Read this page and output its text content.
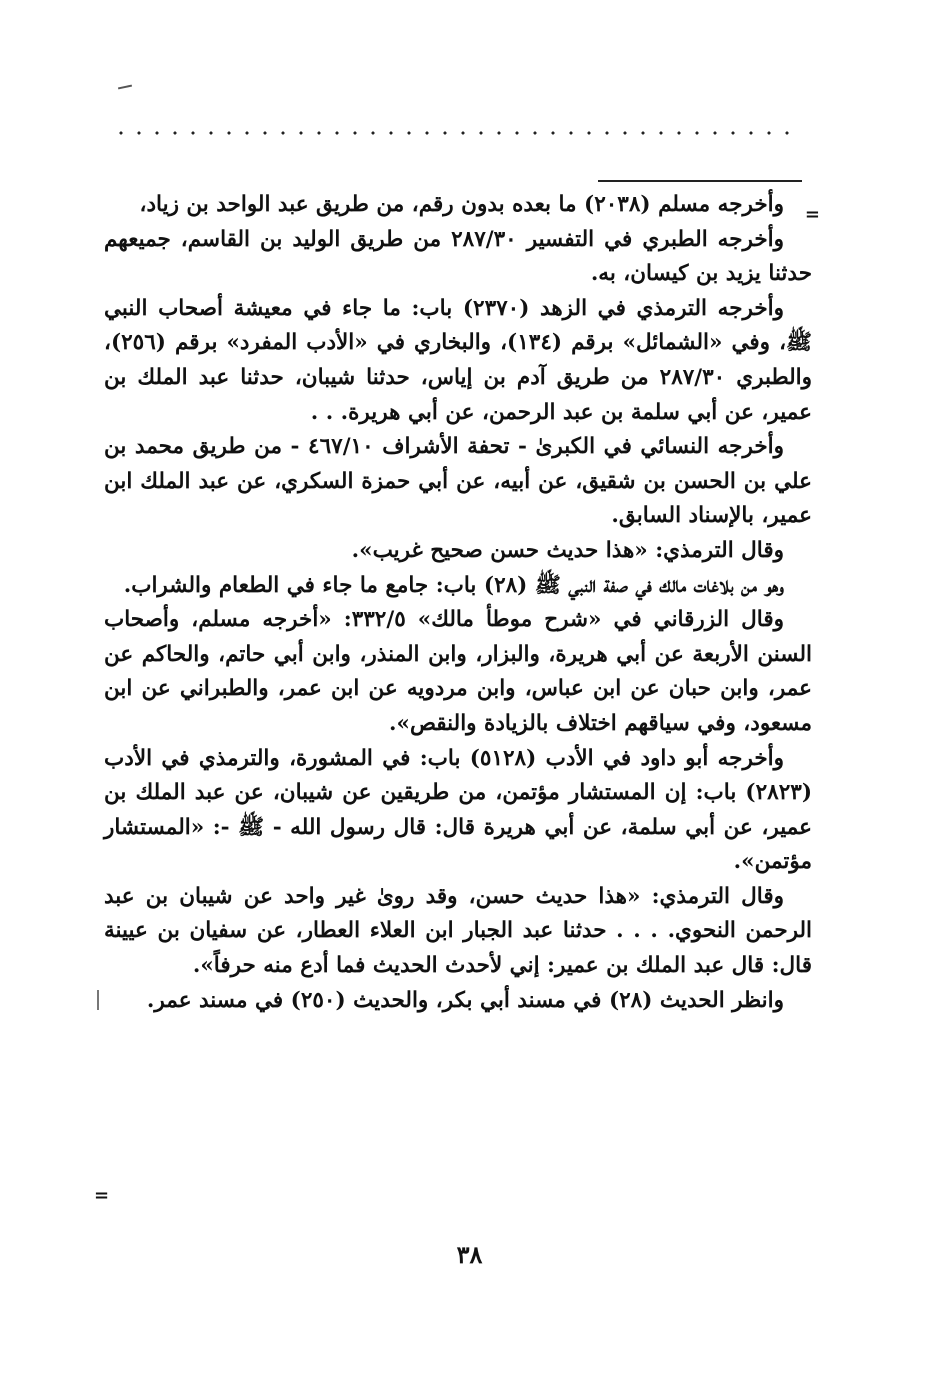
=

وأخرجه مسلم (٢٠٣٨) ما بعده بدون رقم، من طريق عبد الواحد بن زياد،

وأخرجه الطبري في التفسير ٢٨٧/٣٠ من طريق الوليد بن القاسم، جميعهم حدثنا يزيد بن كيسان، به.

وأخرجه الترمذي في الزهد (٢٣٧٠) باب: ما جاء في معيشة أصحاب النبي ﷺ، وفي «الشمائل» برقم (١٣٤)، والبخاري في «الأدب المفرد» برقم (٢٥٦)، والطبري ٢٨٧/٣٠ من طريق آدم بن إياس، حدثنا شيبان، حدثنا عبد الملك بن عمير، عن أبي سلمة بن عبد الرحمن، عن أبي هريرة. . .

وأخرجه النسائي في الكبرىٰ - تحفة الأشراف ٤٦٧/١٠ - من طريق محمد بن علي بن الحسن بن شقيق، عن أبيه، عن أبي حمزة السكري، عن عبد الملك ابن عمير، بالإسناد السابق.

وقال الترمذي: «هذا حديث حسن صحيح غريب».

وهو من بلاغات مالك في صفة النبي ﷺ (٢٨) باب: جامع ما جاء في الطعام والشراب.

وقال الزرقاني في «شرح موطأ مالك» ٣٣٢/٥: «أخرجه مسلم، وأصحاب السنن الأربعة عن أبي هريرة، والبزار، وابن المنذر، وابن أبي حاتم، والحاكم عن عمر، وابن حبان عن ابن عباس، وابن مردويه عن ابن عمر، والطبراني عن ابن مسعود، وفي سياقهم اختلاف بالزيادة والنقص».

وأخرجه أبو داود في الأدب (٥١٢٨) باب: في المشورة، والترمذي في الأدب (٢٨٢٣) باب: إن المستشار مؤتمن، من طريقين عن شيبان، عن عبد الملك بن عمير، عن أبي سلمة، عن أبي هريرة قال: قال رسول الله - ﷺ -: «المستشار مؤتمن».

وقال الترمذي: «هذا حديث حسن، وقد روىٰ غير واحد عن شيبان بن عبد الرحمن النحوي. . . . حدثنا عبد الجبار ابن العلاء العطار، عن سفيان بن عيينة قال: قال عبد الملك بن عمير: إني لأحدث الحديث فما أدع منه حرفاً».

وانظر الحديث (٢٨) في مسند أبي بكر، والحديث (٢٥٠) في مسند عمر.

=
٣٨
